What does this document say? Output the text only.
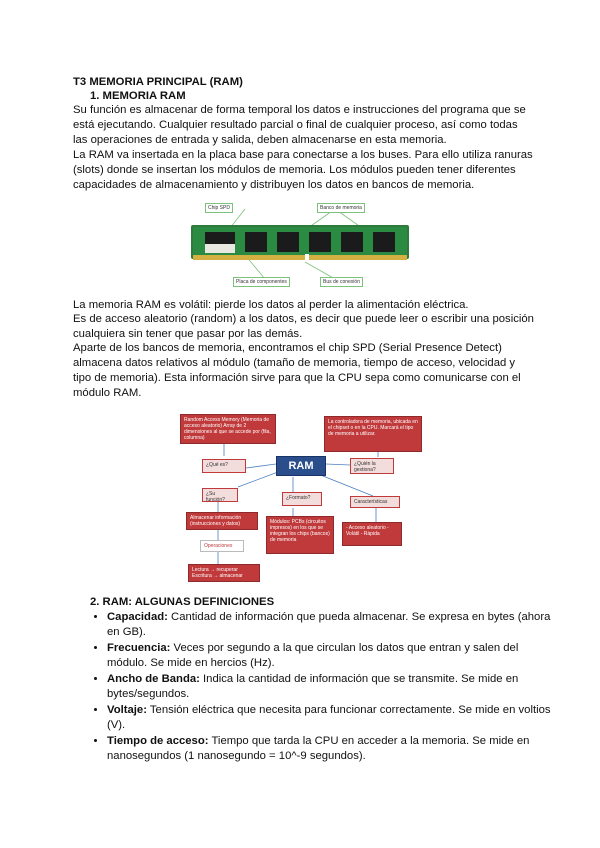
T3 MEMORIA PRINCIPAL (RAM)
1. MEMORIA RAM
Su función es almacenar de forma temporal los datos e instrucciones del programa que se está ejecutando. Cualquier resultado parcial o final de cualquier proceso, así como todas las operaciones de entrada y salida, deben almacenarse en esta memoria.
La RAM va insertada en la placa base para conectarse a los buses. Para ello utiliza ranuras (slots) donde se insertan los módulos de memoria. Los módulos pueden tener diferentes capacidades de almacenamiento y distribuyen los datos en bancos de memoria.
Chip SPD	Banco de memoria
Placa de componentes	Bus de conexión
La memoria RAM es volátil: pierde los datos al perder la alimentación eléctrica.
Es de acceso aleatorio (random) a los datos, es decir que puede leer o escribir una posición cualquiera sin tener que pasar por las demás.
Aparte de los bancos de memoria, encontramos el chip SPD (Serial Presence Detect) almacena datos relativos al módulo (tamaño de memoria, tiempo de acceso, velocidad y tipo de memoria). Esta información sirve para que la CPU sepa como comunicarse con el módulo RAM.
Random Access Memory (Memoria de acceso aleatorio) Array de 2 dimensiones al que se accede por (fila, columna)
La controladora de memoria, ubicada en el chipset o en la CPU. Marcará el tipo de memoria a utilizar.
¿Qué es?	RAM	¿Quién la gestiona?
¿Su función?	¿Formato?
Características
Almacenar información (instrucciones y datos)
Operaciones
Lectura → recuperar Escritura → almacenar
Módulos: PCBs (circuitos impresos) en los que se integran los chips (bancos) de memoria
- Acceso aleatorio - Volátil - Rápida
2. RAM: ALGUNAS DEFINICIONES
• Capacidad: Cantidad de información que pueda almacenar. Se expresa en bytes (ahora en GB).
• Frecuencia: Veces por segundo a la que circulan los datos que entran y salen del módulo. Se mide en hercios (Hz).
• Ancho de Banda: Indica la cantidad de información que se transmite. Se mide en bytes/segundos.
• Voltaje: Tensión eléctrica que necesita para funcionar correctamente. Se mide en voltios (V).
• Tiempo de acceso: Tiempo que tarda la CPU en acceder a la memoria. Se mide en nanosegundos (1 nanosegundo = 10^-9 segundos).
